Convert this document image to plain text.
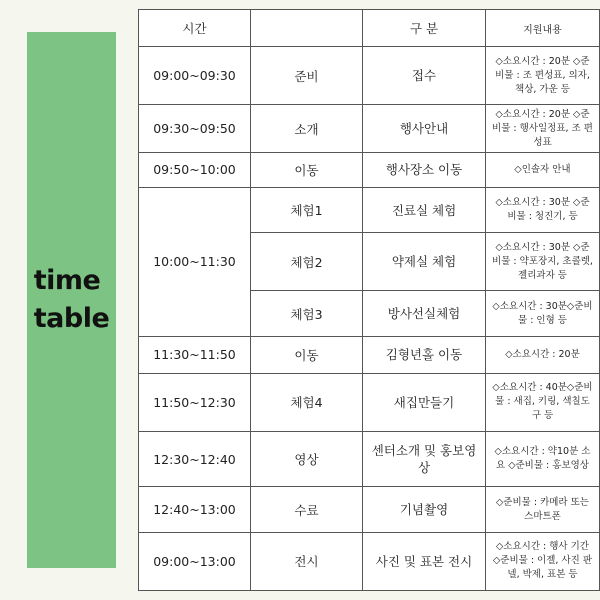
time
table
시간		구 분	지원내용
09:00~09:30	준비	접수	◇소요시간 : 20분 ◇준비물 : 조 편성표, 의자, 책상, 가운 등
09:30~09:50	소개	행사안내	◇소요시간 : 20분 ◇준비물 : 행사일정표, 조 편성표
09:50~10:00	이동	행사장소 이동	◇인솔자 안내
10:00~11:30	체험1	진료실 체험	◇소요시간 : 30분 ◇준비물 : 청진기, 등
	체험2	약제실 체험	◇소요시간 : 30분 ◇준비물 : 약포장지, 초콜렛, 젤리과자 등
	체험3	방사선실체험	◇소요시간 : 30분◇준비물 : 인형 등
11:30~11:50	이동	김형년홀 이동	◇소요시간 : 20분
11:50~12:30	체험4	새집만들기	◇소요시간 : 40분◇준비물 : 새집, 키링, 색칠도구 등
12:30~12:40	영상	센터소개 및 홍보영상	◇소요시간 : 약10분 소요 ◇준비물 : 홍보영상
12:40~13:00	수료	기념촬영	◇준비물 : 카메라 또는 스마트폰
09:00~13:00	전시	사진 및 표본 전시	◇소요시간 : 행사 기간 ◇준비물 : 이젤, 사진 판넬, 박제, 표본 등
